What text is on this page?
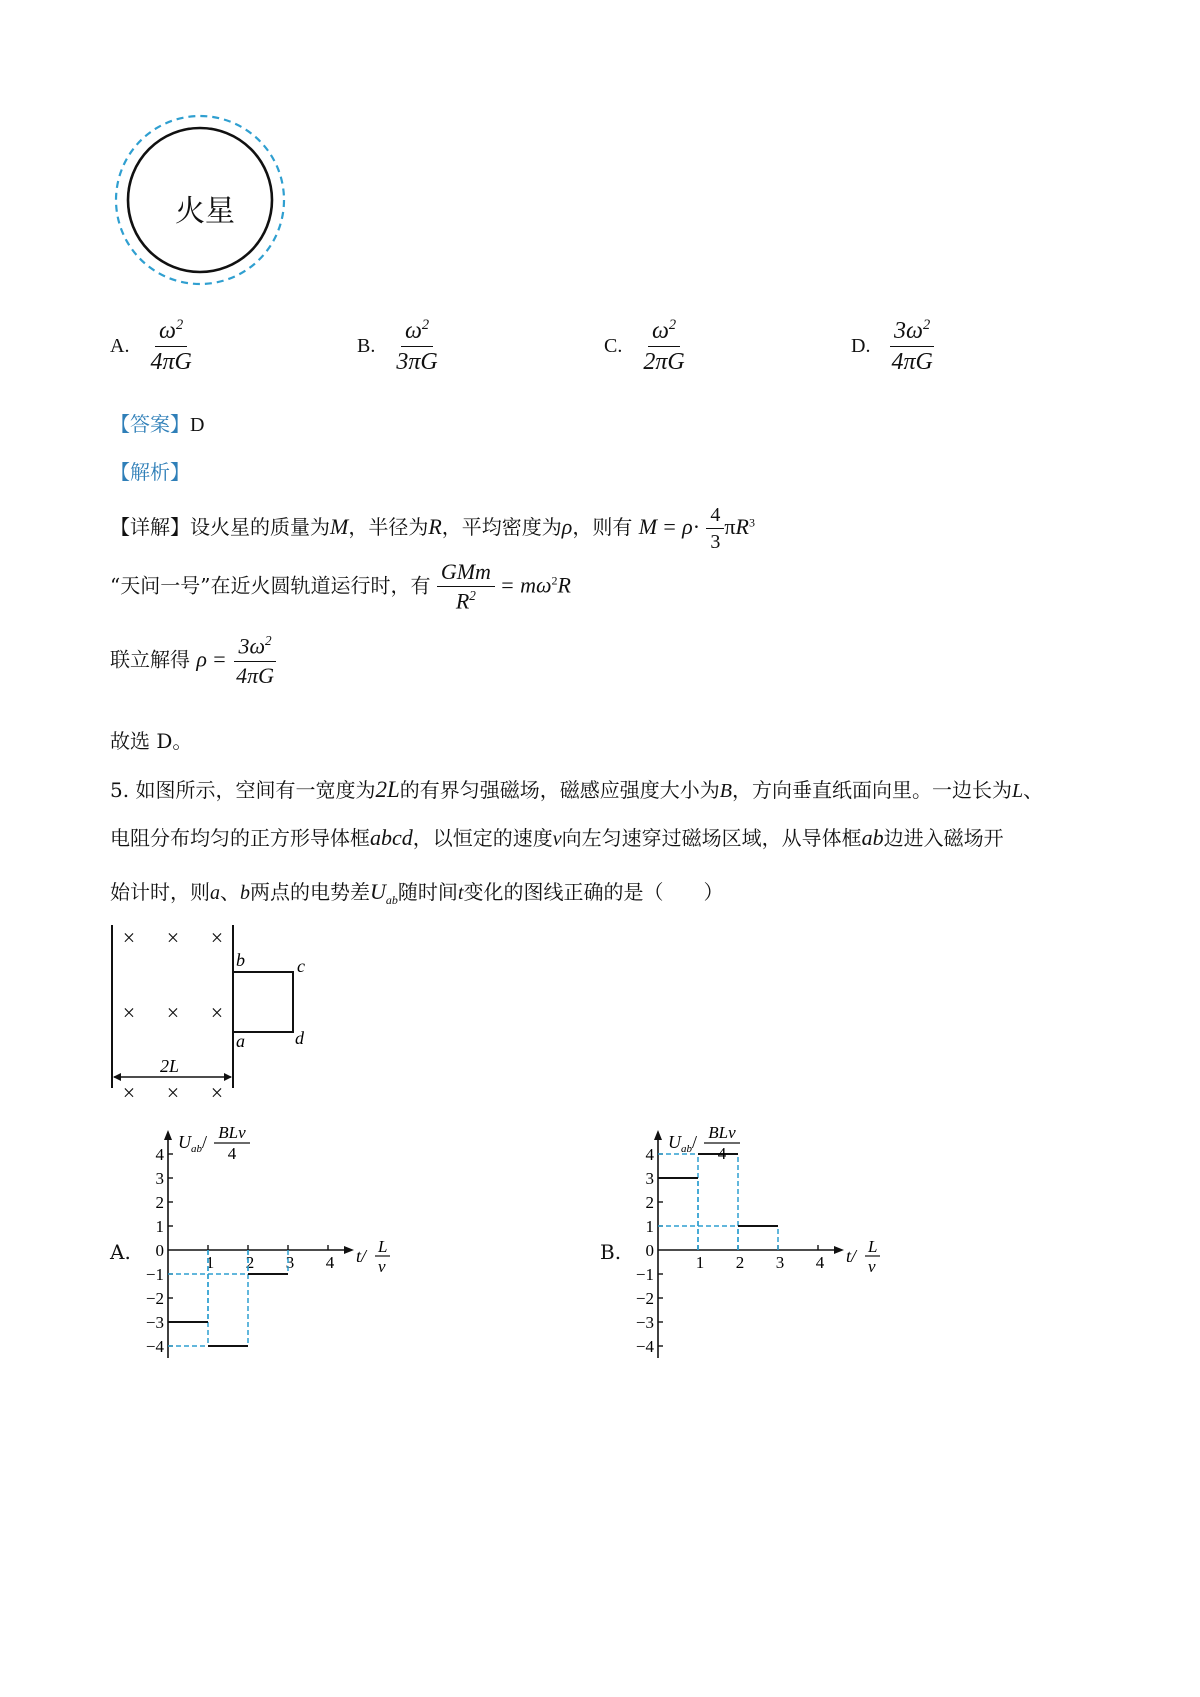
火星
A. $\frac{\omega^2}{4\pi G}$	B. $\frac{\omega^2}{3\pi G}$	C. $\frac{\omega^2}{2\pi G}$	D. $\frac{3\omega^2}{4\pi G}$
【答案】D
【解析】
【详解】设火星的质量为M，半径为R，平均密度为ρ，则有 $M = \rho\cdot \frac{4}{3} \pi R^3$
“天问一号”在近火圆轨道运行时，有 $\frac{\text{GMm}}{R^2} = m\omega^2R$
联立解得 $\rho = \frac{3\omega^2}{4\pi G}$
故选 D。
5. 如图所示，空间有一宽度为2L的有界匀强磁场，磁感应强度大小为B，方向垂直纸面向里。一边长为L、
电阻分布均匀的正方形导体框abcd，以恒定的速度v向左匀速穿过磁场区域，从导体框ab边进入磁场开
始计时，则a、b两点的电势差$U_{ab}$随时间t变化的图线正确的是（　　）
× × ×
× × ×
× × ×
b	c
a	d
2L
A.
4
3
2
1
0
−1
−2
−3
−4
1 2 3 4
$U_{ab}/$ BLv
4
t/ L
v
B.
4
3
2
1
0
−1
−2
−3
−4
1 2 3 4
$U_{ab}/$ BLv
4
t/ L
v
